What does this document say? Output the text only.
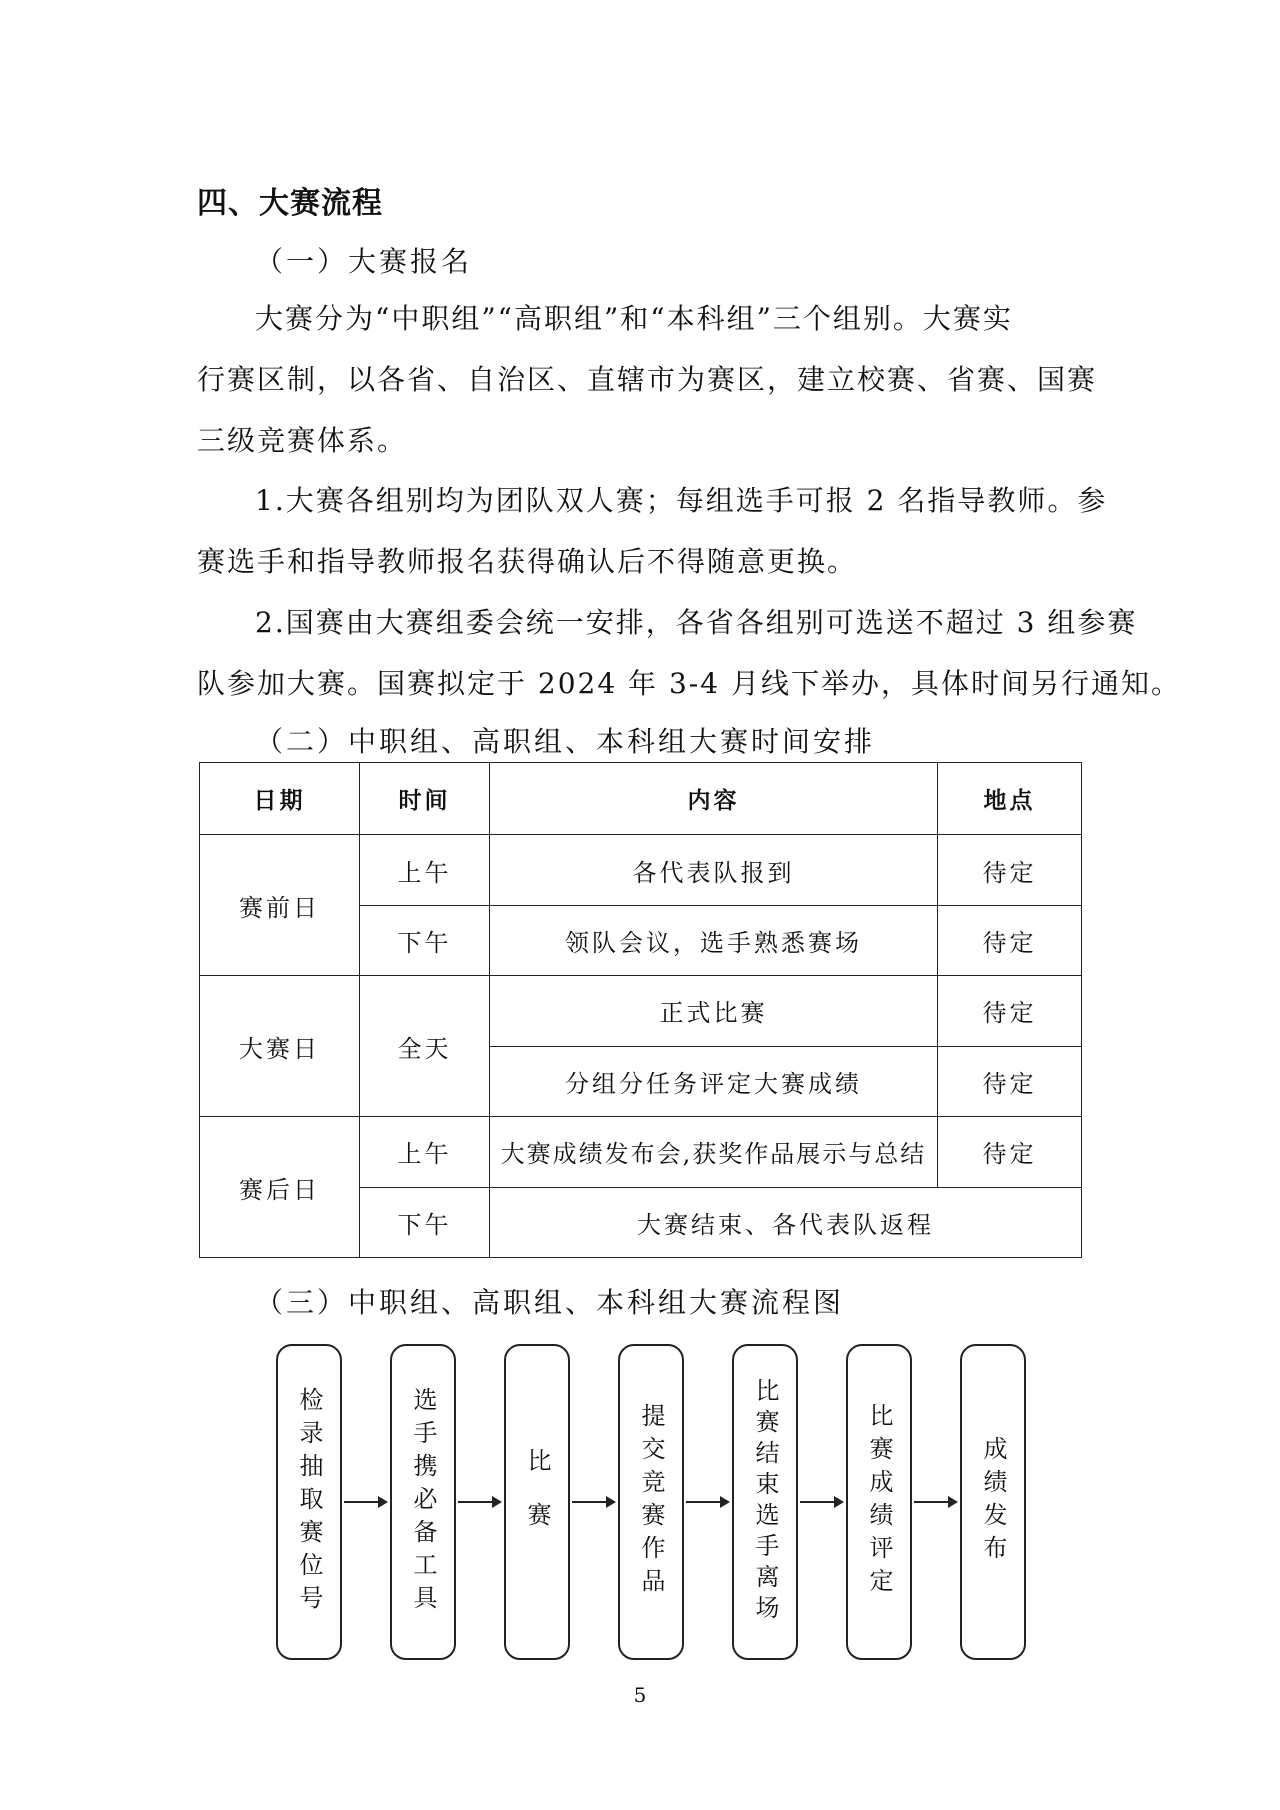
四、大赛流程
（一）大赛报名
大赛分为“中职组”“高职组”和“本科组”三个组别。大赛实
行赛区制，以各省、自治区、直辖市为赛区，建立校赛、省赛、国赛
三级竞赛体系。
1.大赛各组别均为团队双人赛；每组选手可报 2 名指导教师。参
赛选手和指导教师报名获得确认后不得随意更换。
2.国赛由大赛组委会统一安排，各省各组别可选送不超过 3 组参赛
队参加大赛。国赛拟定于 2024 年 3-4 月线下举办，具体时间另行通知。
（二）中职组、高职组、本科组大赛时间安排
日期	时间	内容	地点
赛前日	上午	各代表队报到	待定
	下午	领队会议，选手熟悉赛场	待定
大赛日	全天	正式比赛	待定
		分组分任务评定大赛成绩	待定
赛后日	上午	大赛成绩发布会,获奖作品展示与总结	待定
	下午	大赛结束、各代表队返程	
（三）中职组、高职组、本科组大赛流程图
检录抽取赛位号	选手携必备工具	比赛	提交竞赛作品	比赛结束选手离场	比赛成绩评定	成绩发布
5
